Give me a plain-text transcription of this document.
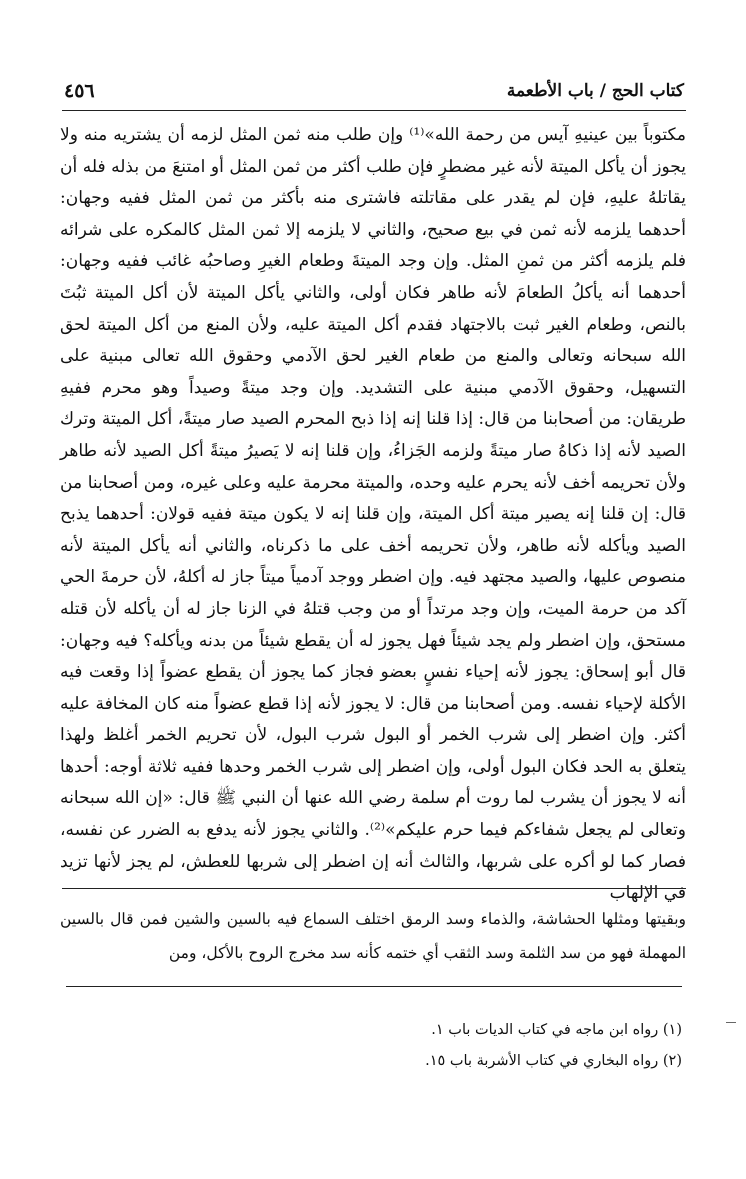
٤٥٦	كتاب الحج / باب الأطعمة

مكتوباً بين عينيهِ آيس من رحمة الله»⁽¹⁾ وإن طلب منه ثمن المثل لزمه أن يشتريه منه ولا يجوز أن يأكل الميتة لأنه غير مضطرٍ فإن طلب أكثر من ثمن المثل أو امتنعَ من بذله فله أن يقاتلهُ عليهِ، فإن لم يقدر على مقاتلته فاشترى منه بأكثر من ثمن المثل ففيه وجهان: أحدهما يلزمه لأنه ثمن في بيع صحيح، والثاني لا يلزمه إلا ثمن المثل كالمكره على شرائه فلم يلزمه أكثر من ثمنِ المثل. وإن وجد الميتةَ وطعام الغيرِ وصاحبُه غائب ففيه وجهان: أحدهما أنه يأكلُ الطعامَ لأنه طاهر فكان أولى، والثاني يأكل الميتة لأن أكل الميتة ثبُتَ بالنص، وطعام الغير ثبت بالاجتهاد فقدم أكل الميتة عليه، ولأن المنع من أكل الميتة لحق الله سبحانه وتعالى والمنع من طعام الغير لحق الآدمي وحقوق الله تعالى مبنية على التسهيل، وحقوق الآدمي مبنية على التشديد. وإن وجد ميتةً وصيداً وهو محرم ففيهِ طريقان: من أصحابنا من قال: إذا قلنا إنه إذا ذبح المحرم الصيد صار ميتةً، أكل الميتة وترك الصيد لأنه إذا ذكاهُ صار ميتةً ولزمه الجَزاءُ، وإن قلنا إنه لا يَصيرُ ميتةً أكل الصيد لأنه طاهر ولأن تحريمه أخف لأنه يحرم عليه وحده، والميتة محرمة عليه وعلى غيره، ومن أصحابنا من قال: إن قلنا إنه يصير ميتة أكل الميتة، وإن قلنا إنه لا يكون ميتة ففيه قولان: أحدهما يذبح الصيد ويأكله لأنه طاهر، ولأن تحريمه أخف على ما ذكرناه، والثاني أنه يأكل الميتة لأنه منصوص عليها، والصيد مجتهد فيه. وإن اضطر ووجد آدمياً ميتاً جاز له أكلهُ، لأن حرمةَ الحي آكد من حرمة الميت، وإن وجد مرتداً أو من وجب قتلهُ في الزنا جاز له أن يأكله لأن قتله مستحق، وإن اضطر ولم يجد شيئاً فهل يجوز له أن يقطع شيئاً من بدنه ويأكله؟ فيه وجهان: قال أبو إسحاق: يجوز لأنه إحياء نفسٍ بعضو فجاز كما يجوز أن يقطع عضواً إذا وقعت فيه الأكلة لإحياء نفسه. ومن أصحابنا من قال: لا يجوز لأنه إذا قطع عضواً منه كان المخافة عليه أكثر. وإن اضطر إلى شرب الخمر أو البول شرب البول، لأن تحريم الخمر أغلظ ولهذا يتعلق به الحد فكان البول أولى، وإن اضطر إلى شرب الخمر وحدها ففيه ثلاثة أوجه: أحدها أنه لا يجوز أن يشرب لما روت أم سلمة رضي الله عنها أن النبي ﷺ قال: «إن الله سبحانه وتعالى لم يجعل شفاءكم فيما حرم عليكم»⁽²⁾. والثاني يجوز لأنه يدفع به الضرر عن نفسه، فصار كما لو أكره على شربها، والثالث أنه إن اضطر إلى شربها للعطش، لم يجز لأنها تزيد في الإلهاب

وبقيتها ومثلها الحشاشة، والذماء وسد الرمق اختلف السماع فيه بالسين والشين فمن قال بالسين المهملة فهو من سد الثلمة وسد الثقب أي ختمه كأنه سد مخرج الروح بالأكل، ومن

(١) رواه ابن ماجه في كتاب الديات باب ١.

(٢) رواه البخاري في كتاب الأشربة باب ١٥.
